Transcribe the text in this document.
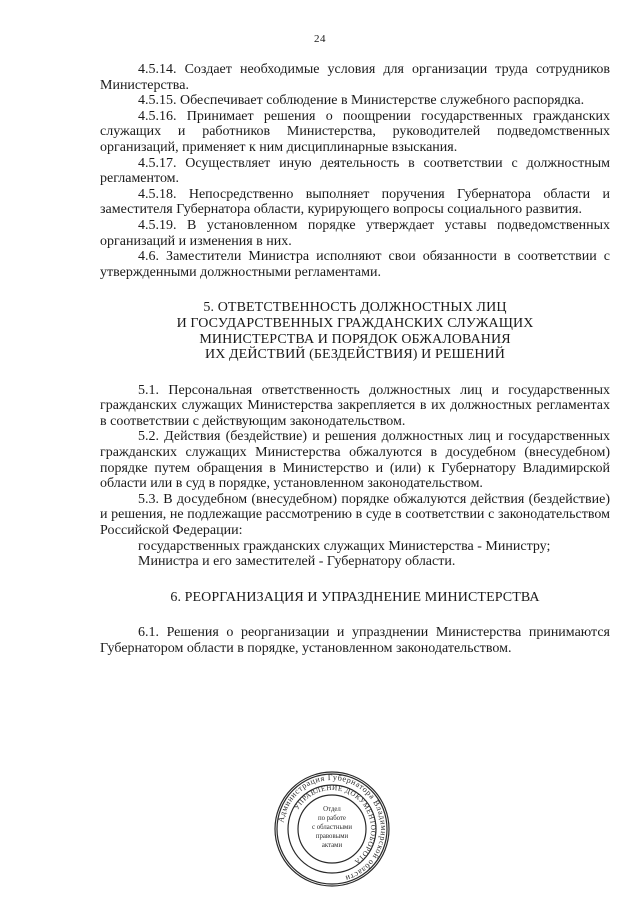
24

4.5.14. Создает необходимые условия для организации труда сотрудников Министерства.

4.5.15. Обеспечивает соблюдение в Министерстве служебного распорядка.

4.5.16. Принимает решения о поощрении государственных гражданских служащих и работников Министерства, руководителей подведомственных организаций, применяет к ним дисциплинарные взыскания.

4.5.17. Осуществляет иную деятельность в соответствии с должностным регламентом.

4.5.18. Непосредственно выполняет поручения Губернатора области и заместителя Губернатора области, курирующего вопросы социального развития.

4.5.19. В установленном порядке утверждает уставы подведомственных организаций и изменения в них.

4.6. Заместители Министра исполняют свои обязанности в соответствии с утвержденными должностными регламентами.

5. ОТВЕТСТВЕННОСТЬ ДОЛЖНОСТНЫХ ЛИЦ
И ГОСУДАРСТВЕННЫХ ГРАЖДАНСКИХ СЛУЖАЩИХ
МИНИСТЕРСТВА И ПОРЯДОК ОБЖАЛОВАНИЯ
ИХ ДЕЙСТВИЙ (БЕЗДЕЙСТВИЯ) И РЕШЕНИЙ

5.1. Персональная ответственность должностных лиц и государственных гражданских служащих Министерства закрепляется в их должностных регламентах в соответствии с действующим законодательством.

5.2. Действия (бездействие) и решения должностных лиц и государственных гражданских служащих Министерства обжалуются в досудебном (внесудебном) порядке путем обращения в Министерство и (или) к Губернатору Владимирской области или в суд в порядке, установленном законодательством.

5.3. В досудебном (внесудебном) порядке обжалуются действия (бездействие) и решения, не подлежащие рассмотрению в суде в соответствии с законодательством Российской Федерации:

государственных гражданских служащих Министерства - Министру;

Министра и его заместителей - Губернатору области.

6. РЕОРГАНИЗАЦИЯ И УПРАЗДНЕНИЕ МИНИСТЕРСТВА

6.1. Решения о реорганизации и упразднении Министерства принимаются Губернатором области в порядке, установленном законодательством.

Администрация Губернатора Владимирской области
УПРАВЛЕНИЕ ДОКУМЕНТООБОРОТА
Отдел
по работе
с областными
правовыми
актами
